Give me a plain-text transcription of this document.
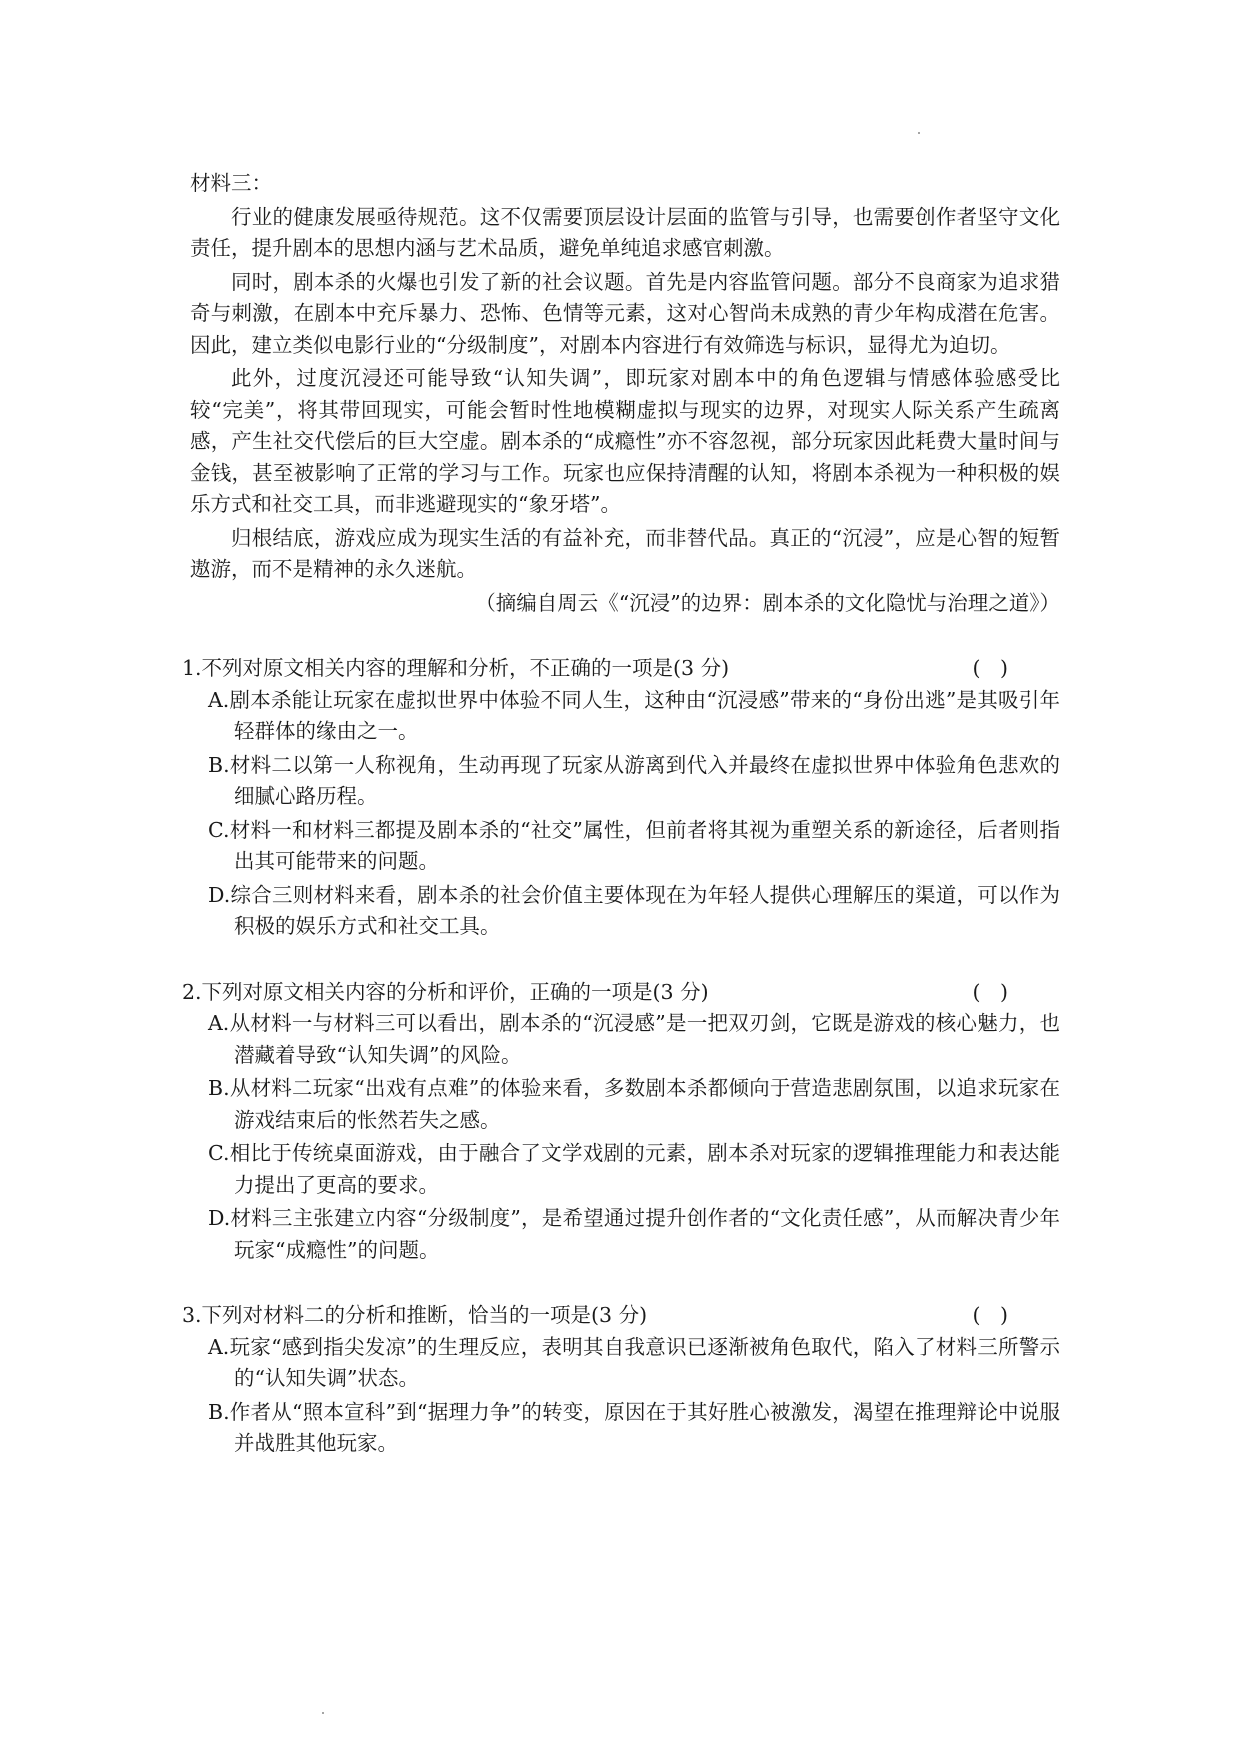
材料三：

行业的健康发展亟待规范。这不仅需要顶层设计层面的监管与引导，也需要创作者坚守文化责任，提升剧本的思想内涵与艺术品质，避免单纯追求感官刺激。

同时，剧本杀的火爆也引发了新的社会议题。首先是内容监管问题。部分不良商家为追求猎奇与刺激，在剧本中充斥暴力、恐怖、色情等元素，这对心智尚未成熟的青少年构成潜在危害。因此，建立类似电影行业的“分级制度”，对剧本内容进行有效筛选与标识，显得尤为迫切。

此外，过度沉浸还可能导致“认知失调”，即玩家对剧本中的角色逻辑与情感体验感受比较“完美”，将其带回现实，可能会暂时性地模糊虚拟与现实的边界，对现实人际关系产生疏离感，产生社交代偿后的巨大空虚。剧本杀的“成瘾性”亦不容忽视，部分玩家因此耗费大量时间与金钱，甚至被影响了正常的学习与工作。玩家也应保持清醒的认知，将剧本杀视为一种积极的娱乐方式和社交工具，而非逃避现实的“象牙塔”。

归根结底，游戏应成为现实生活的有益补充，而非替代品。真正的“沉浸”，应是心智的短暂遨游，而不是精神的永久迷航。

（摘编自周云《“沉浸”的边界：剧本杀的文化隐忧与治理之道》）

1.不列对原文相关内容的理解和分析，不正确的一项是(3 分)	(   )

A.剧本杀能让玩家在虚拟世界中体验不同人生，这种由“沉浸感”带来的“身份出逃”是其吸引年轻群体的缘由之一。

B.材料二以第一人称视角，生动再现了玩家从游离到代入并最终在虚拟世界中体验角色悲欢的细腻心路历程。

C.材料一和材料三都提及剧本杀的“社交”属性，但前者将其视为重塑关系的新途径，后者则指出其可能带来的问题。

D.综合三则材料来看，剧本杀的社会价值主要体现在为年轻人提供心理解压的渠道，可以作为积极的娱乐方式和社交工具。

2.下列对原文相关内容的分析和评价，正确的一项是(3 分)	(   )

A.从材料一与材料三可以看出，剧本杀的“沉浸感”是一把双刃剑，它既是游戏的核心魅力，也潜藏着导致“认知失调”的风险。

B.从材料二玩家“出戏有点难”的体验来看，多数剧本杀都倾向于营造悲剧氛围，以追求玩家在游戏结束后的怅然若失之感。

C.相比于传统桌面游戏，由于融合了文学戏剧的元素，剧本杀对玩家的逻辑推理能力和表达能力提出了更高的要求。

D.材料三主张建立内容“分级制度”，是希望通过提升创作者的“文化责任感”，从而解决青少年玩家“成瘾性”的问题。

3.下列对材料二的分析和推断，恰当的一项是(3 分)	(   )

A.玩家“感到指尖发凉”的生理反应，表明其自我意识已逐渐被角色取代，陷入了材料三所警示的“认知失调”状态。

B.作者从“照本宣科”到“据理力争”的转变，原因在于其好胜心被激发，渴望在推理辩论中说服并战胜其他玩家。
